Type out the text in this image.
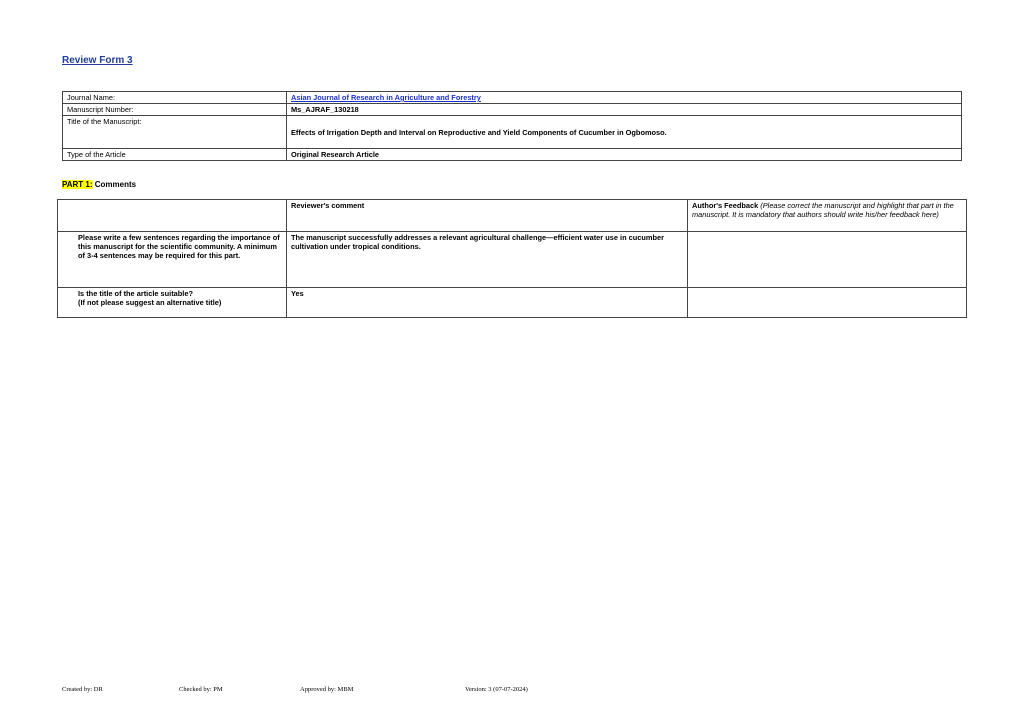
Review Form 3
Journal Name:	Asian Journal of Research in Agriculture and Forestry
Manuscript Number:	Ms_AJRAF_130218
Title of the Manuscript:	Effects of Irrigation Depth and Interval on Reproductive and Yield Components of Cucumber in Ogbomoso.
Type of the Article	Original Research Article
PART 1: Comments
	Reviewer's comment	Author's Feedback (Please correct the manuscript and highlight that part in the manuscript. It is mandatory that authors should write his/her feedback here)
Please write a few sentences regarding the importance of this manuscript for the scientific community. A minimum of 3-4 sentences may be required for this part.	The manuscript successfully addresses a relevant agricultural challenge—efficient water use in cucumber cultivation under tropical conditions.	
Is the title of the article suitable?
(If not please suggest an alternative title)	Yes	
Created by: DR	Checked by: PM	Approved by: MBM	Version: 3 (07-07-2024)
